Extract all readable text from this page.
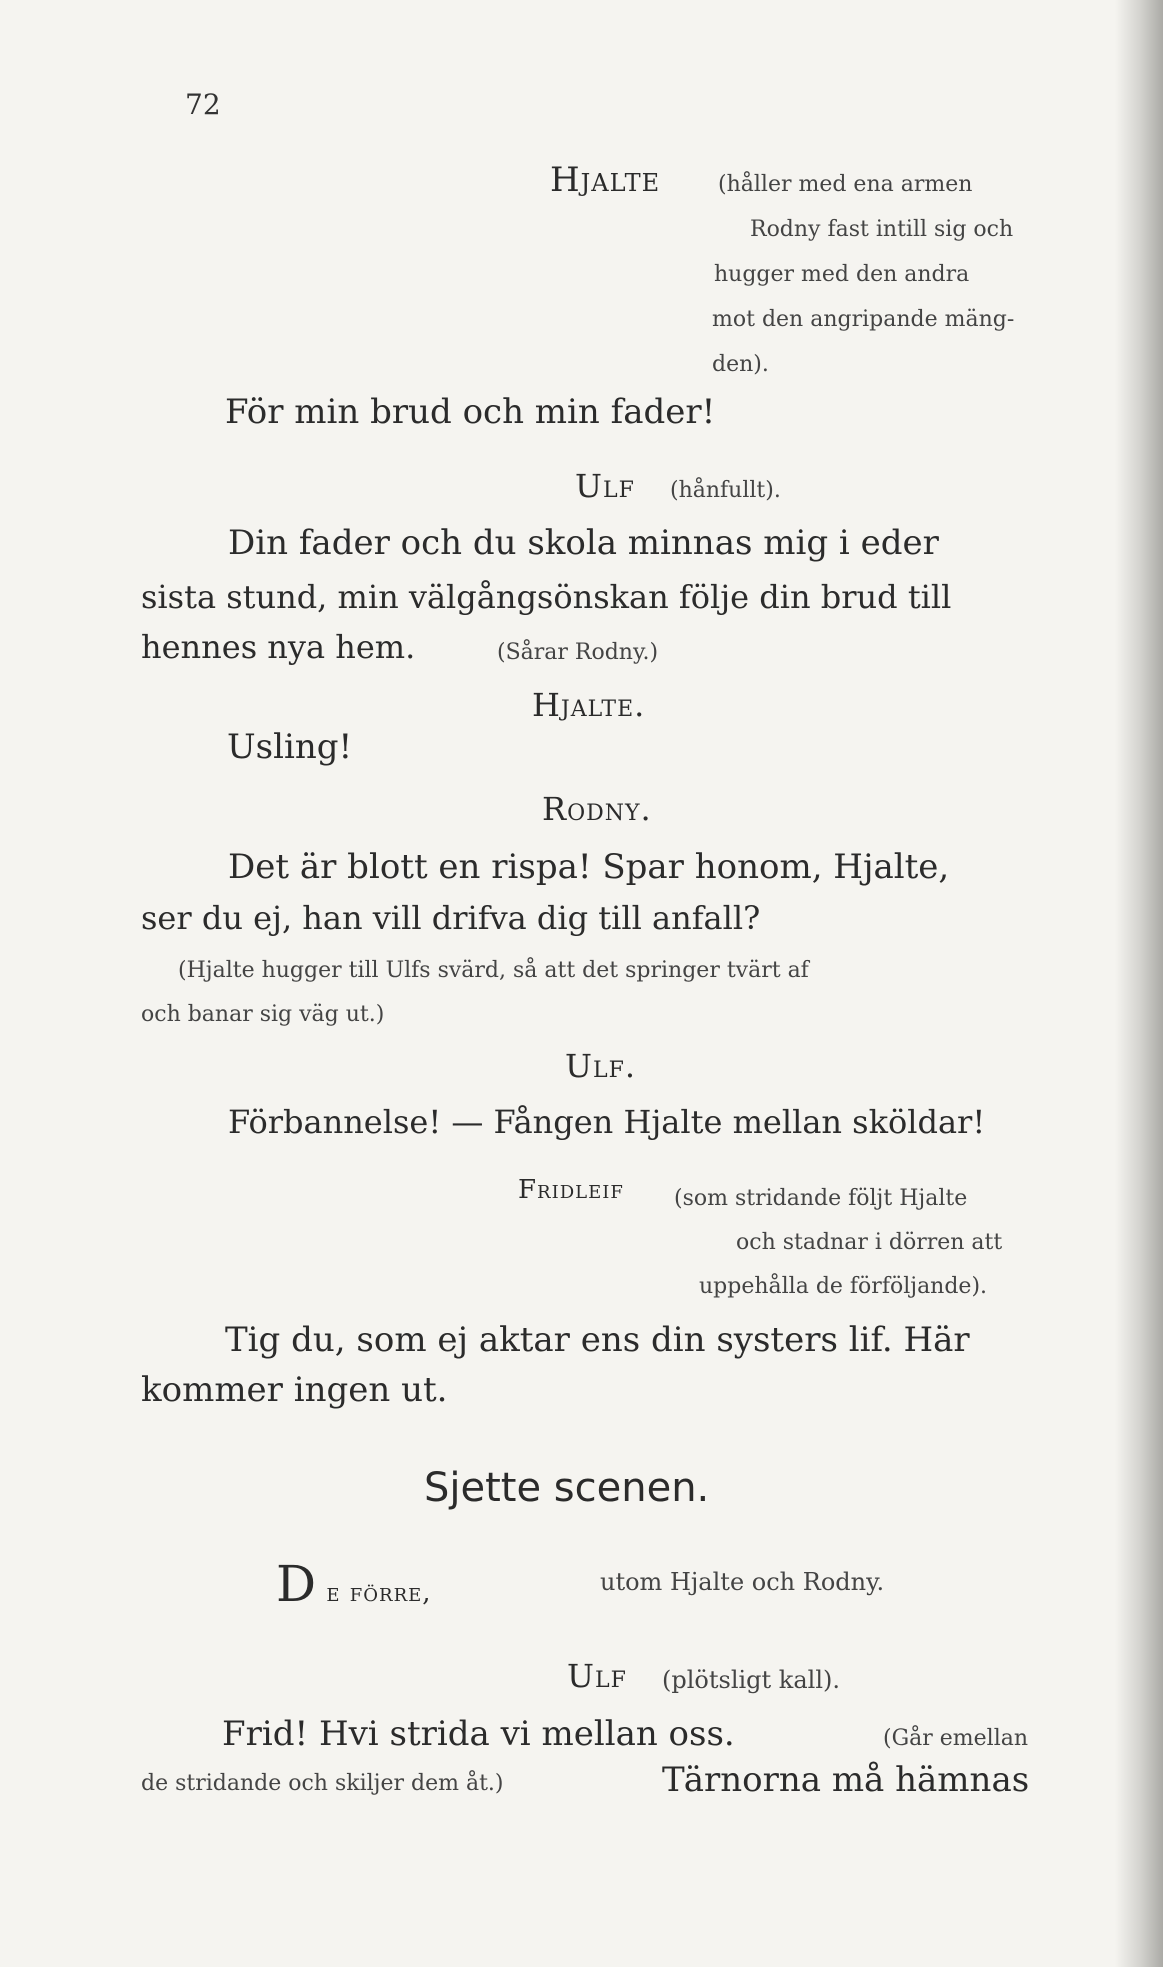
72
Hjalte	(håller med ena armen
Rodny fast intill sig och
hugger med den andra
mot den angripande mäng-
den).
För min brud och min fader!
Ulf (hånfullt).
Din fader och du skola minnas mig i eder
sista stund, min välgångsönskan följe din brud till
hennes nya hem.	(Sårar Rodny.)
Hjalte.
Usling!
Rodny.
Det är blott en rispa! Spar honom, Hjalte,
ser du ej, han vill drifva dig till anfall?
(Hjalte hugger till Ulfs svärd, så att det springer tvärt af
och banar sig väg ut.)
Ulf.
Förbannelse! — Fången Hjalte mellan sköldar!
Fridleif (som stridande följt Hjalte
och stadnar i dörren att
uppehålla de förföljande).
Tig du, som ej aktar ens din systers lif. Här
kommer ingen ut.
Sjette scenen.
D e förre,	utom Hjalte och Rodny.
Ulf (plötsligt kall).
Frid! Hvi strida vi mellan oss.	(Går emellan
de stridande och skiljer dem åt.)	Tärnorna må hämnas
